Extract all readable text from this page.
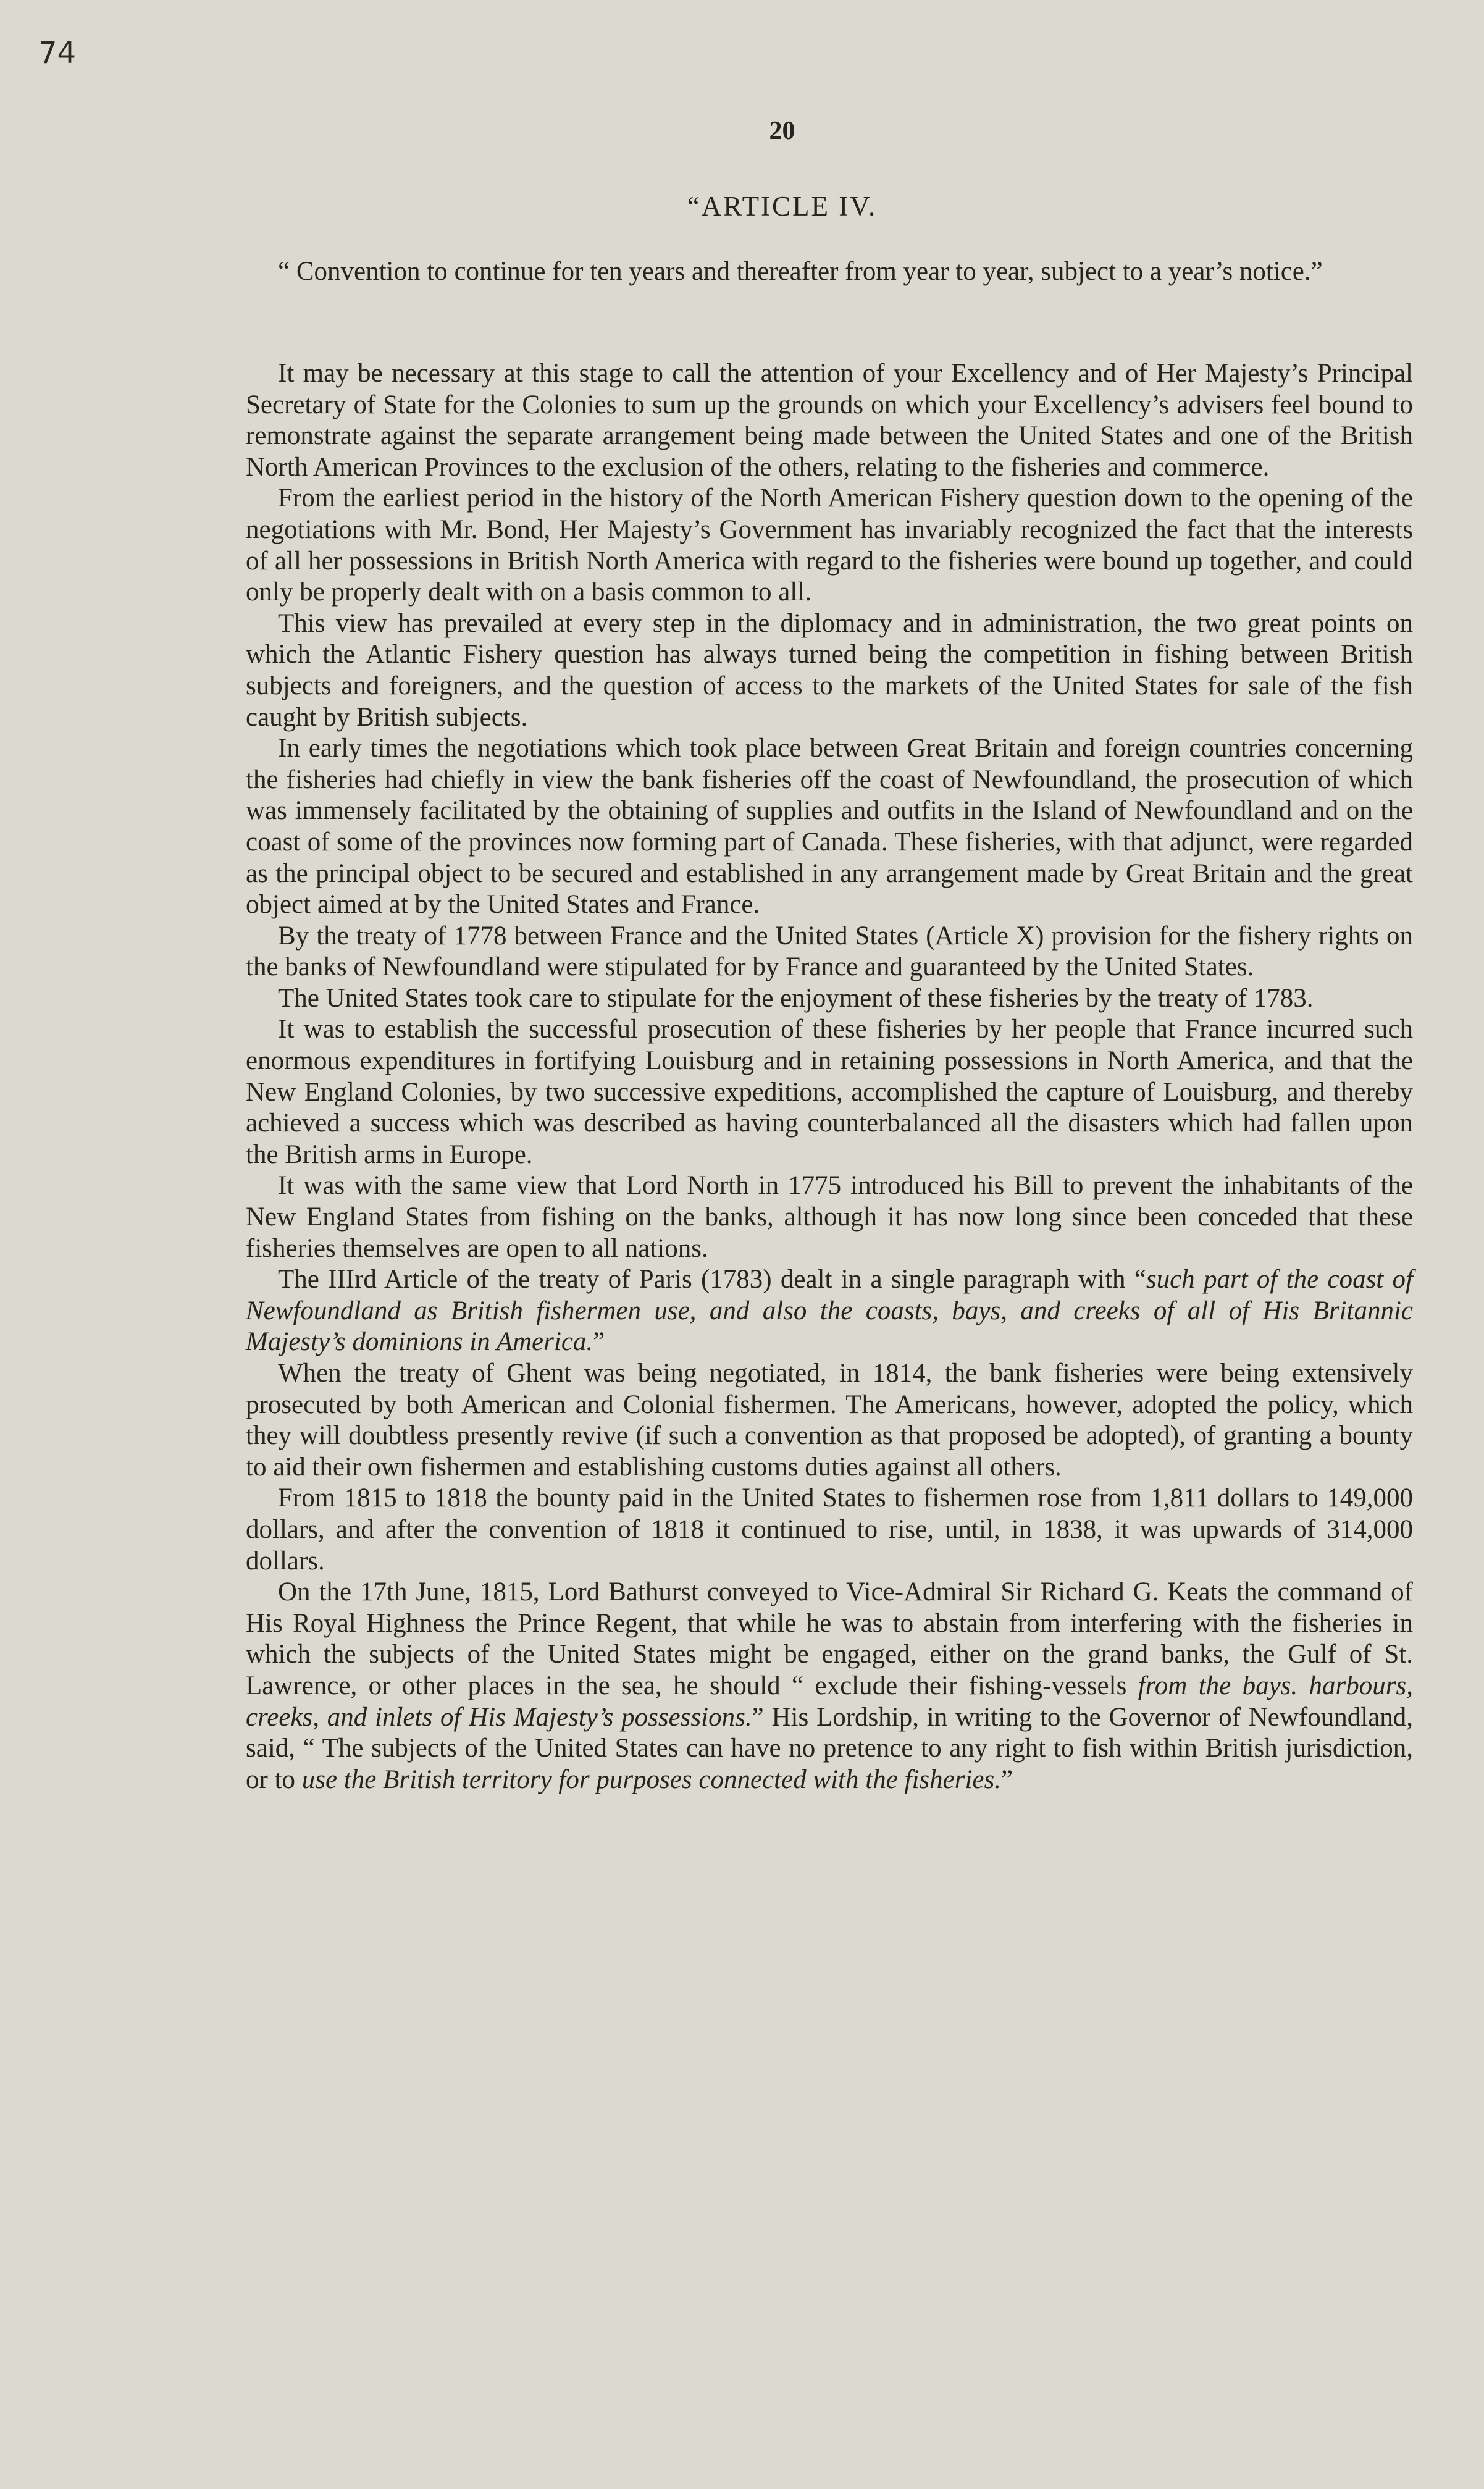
74
20
“ARTICLE IV.

“ Convention to continue for ten years and thereafter from year to year, subject to a year’s notice.”

It may be necessary at this stage to call the attention of your Excellency and of Her Majesty’s Principal Secretary of State for the Colonies to sum up the grounds on which your Excellency’s advisers feel bound to remonstrate against the separate arrangement being made between the United States and one of the British North American Provinces to the exclusion of the others, relating to the fisheries and commerce.

From the earliest period in the history of the North American Fishery question down to the opening of the negotiations with Mr. Bond, Her Majesty’s Government has invariably recognized the fact that the interests of all her possessions in British North America with regard to the fisheries were bound up together, and could only be properly dealt with on a basis common to all.

This view has prevailed at every step in the diplomacy and in administration, the two great points on which the Atlantic Fishery question has always turned being the competition in fishing between British subjects and foreigners, and the question of access to the markets of the United States for sale of the fish caught by British subjects.

In early times the negotiations which took place between Great Britain and foreign countries concerning the fisheries had chiefly in view the bank fisheries off the coast of Newfoundland, the prosecution of which was immensely facilitated by the obtaining of supplies and outfits in the Island of Newfoundland and on the coast of some of the provinces now forming part of Canada. These fisheries, with that adjunct, were regarded as the principal object to be secured and established in any arrangement made by Great Britain and the great object aimed at by the United States and France.

By the treaty of 1778 between France and the United States (Article X) provision for the fishery rights on the banks of Newfoundland were stipulated for by France and guaranteed by the United States.

The United States took care to stipulate for the enjoyment of these fisheries by the treaty of 1783.

It was to establish the successful prosecution of these fisheries by her people that France incurred such enormous expenditures in fortifying Louisburg and in retaining possessions in North America, and that the New England Colonies, by two successive expeditions, accomplished the capture of Louisburg, and thereby achieved a success which was described as having counterbalanced all the disasters which had fallen upon the British arms in Europe.

It was with the same view that Lord North in 1775 introduced his Bill to prevent the inhabitants of the New England States from fishing on the banks, although it has now long since been conceded that these fisheries themselves are open to all nations.

The IIIrd Article of the treaty of Paris (1783) dealt in a single paragraph with “such part of the coast of Newfoundland as British fishermen use, and also the coasts, bays, and creeks of all of His Britannic Majesty’s dominions in America.”

When the treaty of Ghent was being negotiated, in 1814, the bank fisheries were being extensively prosecuted by both American and Colonial fishermen. The Americans, however, adopted the policy, which they will doubtless presently revive (if such a convention as that proposed be adopted), of granting a bounty to aid their own fishermen and establishing customs duties against all others.

From 1815 to 1818 the bounty paid in the United States to fishermen rose from 1,811 dollars to 149,000 dollars, and after the convention of 1818 it continued to rise, until, in 1838, it was upwards of 314,000 dollars.

On the 17th June, 1815, Lord Bathurst conveyed to Vice-Admiral Sir Richard G. Keats the command of His Royal Highness the Prince Regent, that while he was to abstain from interfering with the fisheries in which the subjects of the United States might be engaged, either on the grand banks, the Gulf of St. Lawrence, or other places in the sea, he should “ exclude their fishing-vessels from the bays. harbours, creeks, and inlets of His Majesty’s possessions.” His Lordship, in writing to the Governor of Newfoundland, said, “ The subjects of the United States can have no pretence to any right to fish within British jurisdiction, or to use the British territory for purposes connected with the fisheries.”
